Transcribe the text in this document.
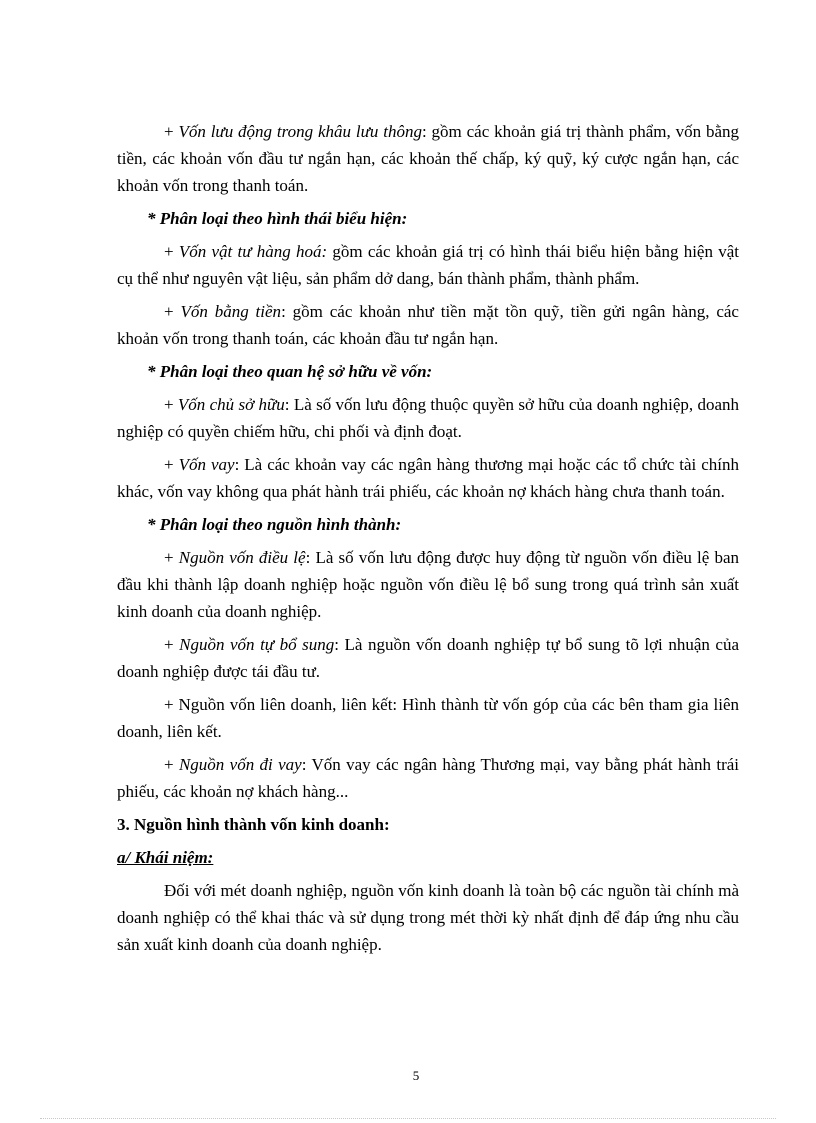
+ Vốn lưu động trong khâu lưu thông: gồm các khoản giá trị thành phẩm, vốn bằng tiền, các khoản vốn đầu tư ngắn hạn, các khoản thế chấp, ký quỹ, ký cược ngắn hạn, các khoản vốn trong thanh toán.

* Phân loại theo hình thái biểu hiện:

+ Vốn vật tư hàng hoá: gồm các khoản giá trị có hình thái biểu hiện bằng hiện vật cụ thể như nguyên vật liệu, sản phẩm dở dang, bán thành phẩm, thành phẩm.

+ Vốn bằng tiền: gồm các khoản như tiền mặt tồn quỹ, tiền gửi ngân hàng, các khoản vốn trong thanh toán, các khoản đầu tư ngắn hạn.

* Phân loại theo quan hệ sở hữu về vốn:

+ Vốn chủ sở hữu: Là số vốn lưu động thuộc quyền sở hữu của doanh nghiệp, doanh nghiệp có quyền chiếm hữu, chi phối và định đoạt.

+ Vốn vay: Là các khoản vay các ngân hàng thương mại hoặc các tổ chức tài chính khác, vốn vay không qua phát hành trái phiếu, các khoản nợ khách hàng chưa thanh toán.

* Phân loại theo nguồn hình thành:

+ Nguồn vốn điều lệ: Là số vốn lưu động được huy động từ nguồn vốn điều lệ ban đầu khi thành lập doanh nghiệp hoặc nguồn vốn điều lệ bổ sung trong quá trình sản xuất kinh doanh của doanh nghiệp.

+ Nguồn vốn tự bổ sung: Là nguồn vốn doanh nghiệp tự bổ sung tõ lợi nhuận của doanh nghiệp được tái đầu tư.

+ Nguồn vốn liên doanh, liên kết: Hình thành từ vốn góp của các bên tham gia liên doanh, liên kết.

+ Nguồn vốn đi vay: Vốn vay các ngân hàng Thương mại, vay bằng phát hành trái phiếu, các khoản nợ khách hàng...

3. Nguồn hình thành vốn kinh doanh:

a/ Khái niệm:

Đối với mét doanh nghiệp, nguồn vốn kinh doanh là toàn bộ các nguồn tài chính mà doanh nghiệp có thể khai thác và sử dụng trong mét thời kỳ nhất định để đáp ứng nhu cầu sản xuất kinh doanh của doanh nghiệp.

5
